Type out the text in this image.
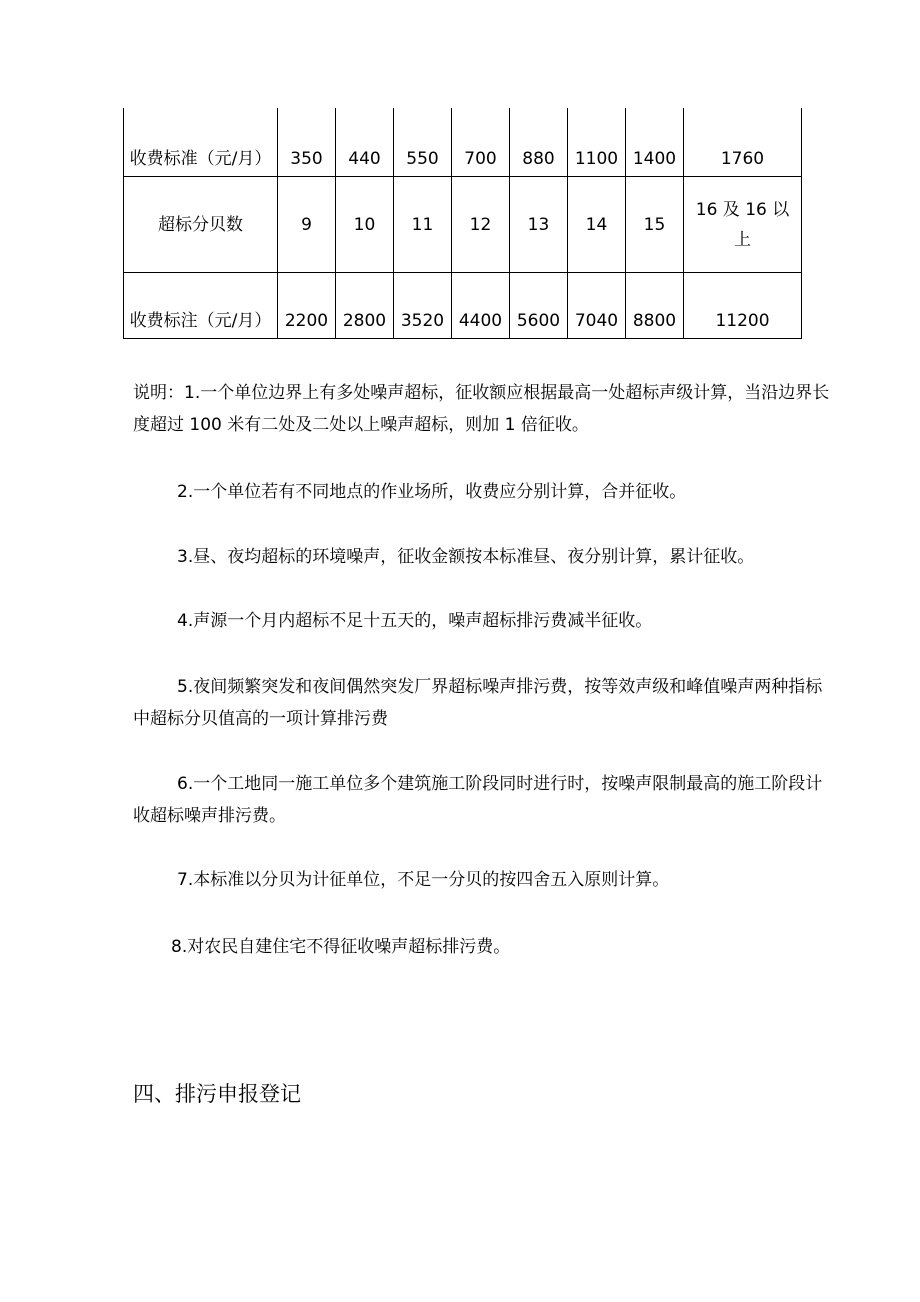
收费标准（元/月）	350	440	550	700	880	1100	1400	1760
超标分贝数	9	10	11	12	13	14	15	16 及 16 以上
收费标注（元/月）	2200	2800	3520	4400	5600	7040	8800	11200

说明：1.一个单位边界上有多处噪声超标，征收额应根据最高一处超标声级计算，当沿边界长度超过 100 米有二处及二处以上噪声超标，则加 1 倍征收。

2.一个单位若有不同地点的作业场所，收费应分别计算，合并征收。

3.昼、夜均超标的环境噪声，征收金额按本标准昼、夜分别计算，累计征收。

4.声源一个月内超标不足十五天的，噪声超标排污费减半征收。

5.夜间频繁突发和夜间偶然突发厂界超标噪声排污费，按等效声级和峰值噪声两种指标中超标分贝值高的一项计算排污费

6.一个工地同一施工单位多个建筑施工阶段同时进行时，按噪声限制最高的施工阶段计收超标噪声排污费。

7.本标准以分贝为计征单位，不足一分贝的按四舍五入原则计算。

8.对农民自建住宅不得征收噪声超标排污费。

四、排污申报登记
